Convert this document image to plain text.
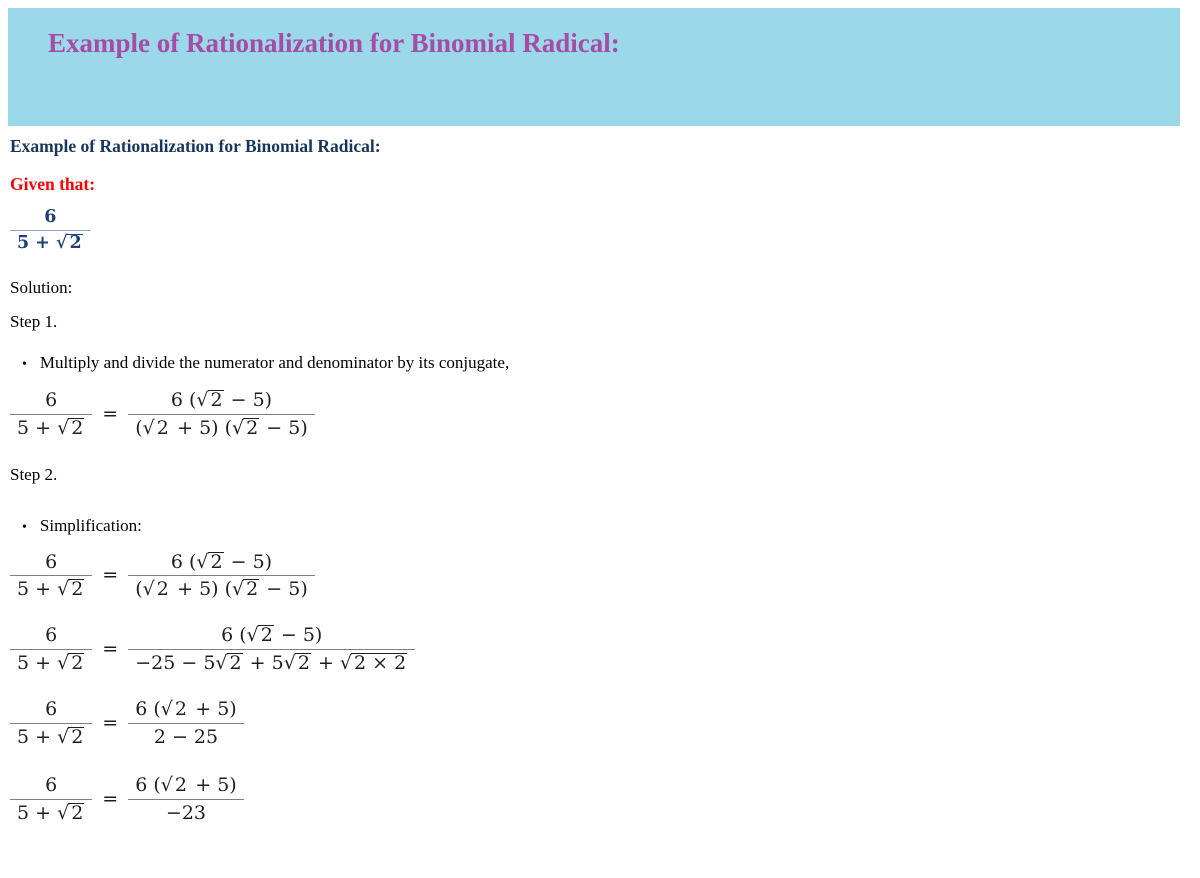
Example of Rationalization for Binomial Radical:

Example of Rationalization for Binomial Radical:

Given that:

$\frac{6}{5 + √ 2}$

Solution:

Step 1.

• Multiply and divide the numerator and denominator by its conjugate,
$\frac{6}{5 + √ 2} = \frac{6 (√ 2 - 5)}{(√ 2 + 5) (√ 2 - 5)}$

Step 2.

• Simplification:
$\frac{6}{5 + √ 2} = \frac{6 (√ 2 - 5)}{(√ 2 + 5) (√ 2 - 5)}$
$\frac{6}{5 + √ 2} = \frac{6 (√ 2 - 5)}{-25 - 5√ 2 + 5√ 2 + √ 2 \times 2}$
$\frac{6}{5 + √ 2} = \frac{6 (√ 2 + 5)}{2 - 25}$
$\frac{6}{5 + √ 2} = \frac{6 (√ 2 + 5)}{-23}$
